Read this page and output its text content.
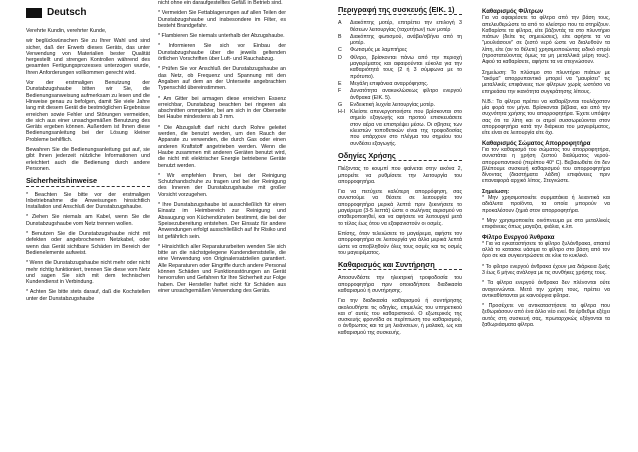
Deutsch

Verehrte Kundin, verehrter Kunde,

wir beglückwünschen Sie zu Ihrer Wahl und sind sicher, daß der Erwerb dieses Geräts, das unter Verwendung von Materialien bester Qualität hergestellt und strengen Kontrollen während des gesamten Fertigungsprozesses unterzogen wurde, Ihren Anforderungen vollkommen gerecht wird.

Vor der erstmaligen Benutzung der Dunstabzugshaube bitten wir Sie, die Bedienungsanweisung aufmerksam zu lesen und die Hinweise genau zu befolgen, damit Sie viele Jahre lang mit diesem Gerät die bestmöglichen Ergebnisse erreichen sowie Fehler und Störungen vermeiden, die sich aus einer unsachgemäßen Benutzung des Geräts ergeben können. Außerdem ist Ihnen diese Bedienungsanleitung bei der Lösung kleiner Probleme behilflich.

Bewahren Sie die Bedienungsanleitung gut auf, sie gibt Ihnen jederzeit nützliche Informationen und erleichtert auch die Bedienung durch andere Personen.

Sicherheitshinweise

* Beachten Sie bitte vor der erstmaligen Inbetriebnahme die Anweisungen hinsichtlich Installation und Anschluß der Dunstabzugshaube.

* Ziehen Sie niemals am Kabel, wenn Sie die Dunstabzugshaube vom Netz trennen wollen.

* Benutzen Sie die Dunstabzugshaube nicht mit defekten oder angebrochenem Netzkabel, oder wenn das Gerät sichtbare Schäden im Bereich der Bedienelemente aufweist.

* Wenn die Dunstabzugshaube nicht mehr oder nicht mehr richtig funktioniert, trennen Sie diese vom Netz und sagen Sie sich mit dem technischen Kundendienst in Verbindung.

* Achten Sie bitte stets darauf, daß die Kochstellen unter der Dunstabzugshaube

nicht ohne ein daraufgestelltes Gefäß in Betrieb sind.

* Vermeiden Sie Fettablagerungen auf allen Teilen der Dunstabzugshaube und insbesondere im Filter, es besteht Brandgefahr.

* Flambieren Sie niemals unterhalb der Abzugshaube.

* Informieren Sie sich vor Einbau der Dunstabzugshaube über die jeweils geltenden örtlichen Vorschriften über Luft- und Rauchabzug.

* Prüfen Sie vor Anschluß der Dunstabzugshaube an das Netz, ob Frequenz und Spannung mit den Angaben auf dem an der Unterseite angebrachten Typenschild übereinstimmen.

* Am Gitter bei armagen diese erreichen Essenz erreichbar, Dunstabzug beachten bei ringeren als abschnitten ommpelder, bei am sich in der Oberseite bei Haube mindestens ab 3 mm.

* Die Abzugsluft darf nicht durch Rohre geleitet werden, die benutzt werden, um den Rauch der Apparate zu verwenden, die durch Gas oder einen anderen Kraftstoff angetrieben werden. Wenn die Haube zusammen mit anderen Geräten benutzt wird, die nicht mit elektrischer Energie betriebene Geräte benutzt werden.

* Wir empfehlen Ihnen, bei der Reinigung Schutzhandschuhe zu tragen und bei der Reinigung des Inneren der Dunstabzugshaube mit großer Vorsicht vorzugehen.

* Ihre Dunstabzugshaube ist ausschließlich für einen Einsatz im Heimbereich zur Reinigung und Absaugung von Küchendünsten bestimmt, die bei der Speisezubereitung entstehen. Der Einsatz für andere Anwendungen erfolgt ausschließlich auf Ihr Risiko und ist gefährlich sein.

* Hinsichtlich aller Reparaturarbeiten wenden Sie sich bitte an die nächstgelegene Kundendienststelle, die eine Verwendung von Originalersatzteilen garantiert. Alle Reparaturen oder Eingriffe durch andere Personal können Schäden und Funktionsstörungen an Gerät hervorrufen und Gefahren für Ihre Sicherheit zur Folge haben. Der Hersteller haftet nicht für Schäden aus einer unsachgemäßen Verwendung des Geräts.

Περιγραφή της συσκευής (ΕΙΚ. 1)
A	Διακόπτης μοτέρ, επιτρέπει την επιλογή 3 θέσεων λειτουργίας (ταχυτήτων) των μοτέρ
B	Διακόπτης φωτισμού, ανάβει/σβήνει από τη μοτέρ.
C	Φωτισμός με λαμπτήρες
D	Φίλτρο, βρίσκονται πάνω από την περιοχή μαγειρέματος και αφαιρούνται εύκολα για την καθαριότητά τους (2 ή 3 σύμφωνα με το πρότυπο).
E	Μεγάλη επιφάνεια αναρρόφησης.
F	Δυνατότητα ανακυκλώσεως φίλτρο ενεργού άνθρακα (ΕΙΚ. 5).
G	Ενδεικτική λυχνία λειτουργίας μοτέρ.
H-I Κλείστε απενεργοποιήστε που βρίσκονται στο σημείο εξαγωγής και προτού επισκευάσετε στον αέρα να επιστρέψει μέσω. Οι σβησες των κλειστών τοποθετικών είναι της τροφοδοσίας που υπάρχουν στο πλέγμα του σημείου του συνδέσει εξαγωγής.
Οδηγίες Χρήσης

Πιέζοντας το κουμπί που φαίνεται στην εικόνα 2, μπορείτε να ρυθμίσετε την λειτουργία του απορροφητήρα.

Για να πετύχετε καλύτερη απορρόφηση, σας συνιστούμε να θέσετε σε λειτουργία τον απορροφητήρα μερικά λεπτά πριν ξεκινήσετε το μαγείρεμα (3-5 λεπτά) ώστε ο σωλήνας αερισμού να σταθεροποιηθεί, και να αφήσετε να λειτουργεί μετά το τέλος έως ότου να εξαφανιστούν οι οσμές.

Επίσης, όταν τελειώσετε το μαγείρεμα, αφήστε τον απορροφητήρα σε λειτουργία για άλλα μερικά λεπτά ώστε να αποβληθούν όλες τους οσμές και τις οσμές του μαγειρέματος.

Καθαρισμός και Συντήρηση

Αποσυνδέστε την ηλεκτρική τροφοδοσία του απορροφητήρα πριν οποιαδήποτε διαδικασία καθαρισμού ή συντήρησης.

Για την διαδικασία καθαρισμού ή συντήρησης ακολουθήστε τις οδηγίες, επιμελώς του υπηρετικού και σ' αυτές του καθαριστικού. Ο εξωτερικός της συσκευής φροντίδα σε περίπτωση του καθαρισμού, ο άνθρωπος και τα μη λειάνσεων, ή μαλακά, ως και καθαρισμού της συσκευής.

Καθαρισμός Φίλτρων

Για να αφαιρέσετε τα φίλτρα από την βάση τους, απελευθερώστε τα από το κλείστρο που τα στηρίζουν. Καθαρίστε τα φίλτρα, είτε βάζοντάς τα στο πλυντήριο πιάτων (δείτε τις σημειώσεις), είτε αφήστε τα να "μουλιάσουν" σε ζεστό νερό ώστε να διαλυθούν τα λίπη, είτε (αν το θέλετε) χρησιμοποιώντας ειδικό σπρέι (προστατεύοντας όμως τα μη μεταλλικά μέρη τους). Αφού τα καθαρίσετε, αφήστε τα να στεγνώσουν.

Σημείωση: Το πλύσιμο στο πλυντήριο πιάτων με "ακόμα" απορρυπαντικό μπορεί να "μαυρίσει" τις μεταλλικές επιφάνειες των φίλτρων χωρίς ωστόσο να επηρεάσει την ικανότητα συγκράτησης λίπους.

Ν.Β.: Τα φίλτρα πρέπει να καθαρίζονται τουλάχιστον μία φορά τον μήνα. Βρίσκονται βέβαια, και από την συχνότητα χρήσης του απορροφητήρα. Έχετε υπόψην σας ότι τα λίπη και οι ατμοί συσσωρεύονται στον απορροφητήρα κατά την διάρκεια του μαγειρέματος, είτε είναι σε λειτουργία είτε όχι.

Καθαρισμός Σώματος Απορροφητήρα

Για τον καθαρισμό του σώματος του απορροφητήρα, συνιστάται η χρήση ζεστού διαλύματος νερού-απορρυπαντικού (περίπου 40° C). Βεβαιωθείτε ότι δεν βλέπουμε συσκευή καθαρισμού του απορροφητήρα δίνοντας (διαστήματα λάδιτι) επιφάνειες πριν επαναφορά αρχικό λίπος. Στεγνώστε.

Σημείωση:

* Μην χρησιμοποιείτε συρματάκια ή λειαντικά και αδιάλυτα προϊόντα, τα οποία μπορούν να προκαλέσουν ζημιά στον απορροφητήρα.

* Μην χρησιμοποιείτε οινόπνευμα με στα μεταλλικές επιφάνειες όπως μαγαζια, φιάλια, κ.λπ.

Φίλτρο Ενεργού Άνθρακα

* Για να εγκαταστήσετε το φίλτρο ξυλάνθρακα, απαιτεί αλλά το κατασκε υάσιμα το φίλτρο στο βάση από τον όρο σε και συγκεντρώσετε σε κλικ το κυκλικό.

* Το φίλτρο ενεργού άνθρακα έχουν μια διάρκεια ζωής 3 έως 6 μήνες ανάλογα με τις συνθήκες χρήσης τους.

* Τα φίλτρα ενεργού άνθρακα δεν πλένονται ούτε αναγεννώνται. Μετά την χρήση τους, πρέπει να αντικαθίστανται με καινούργια φίλτρα.

* Προσέχετε να αντικαταστήσετε τα φίλτρα που ξεθωριάσουν από ένα άλλο νέο ενεί. θα έρθεθμε εξέχει αυτός στη συσκευή σας, πρωταρχικώς εξάγονται τα ξαθωριάσματα φίλτρα.
